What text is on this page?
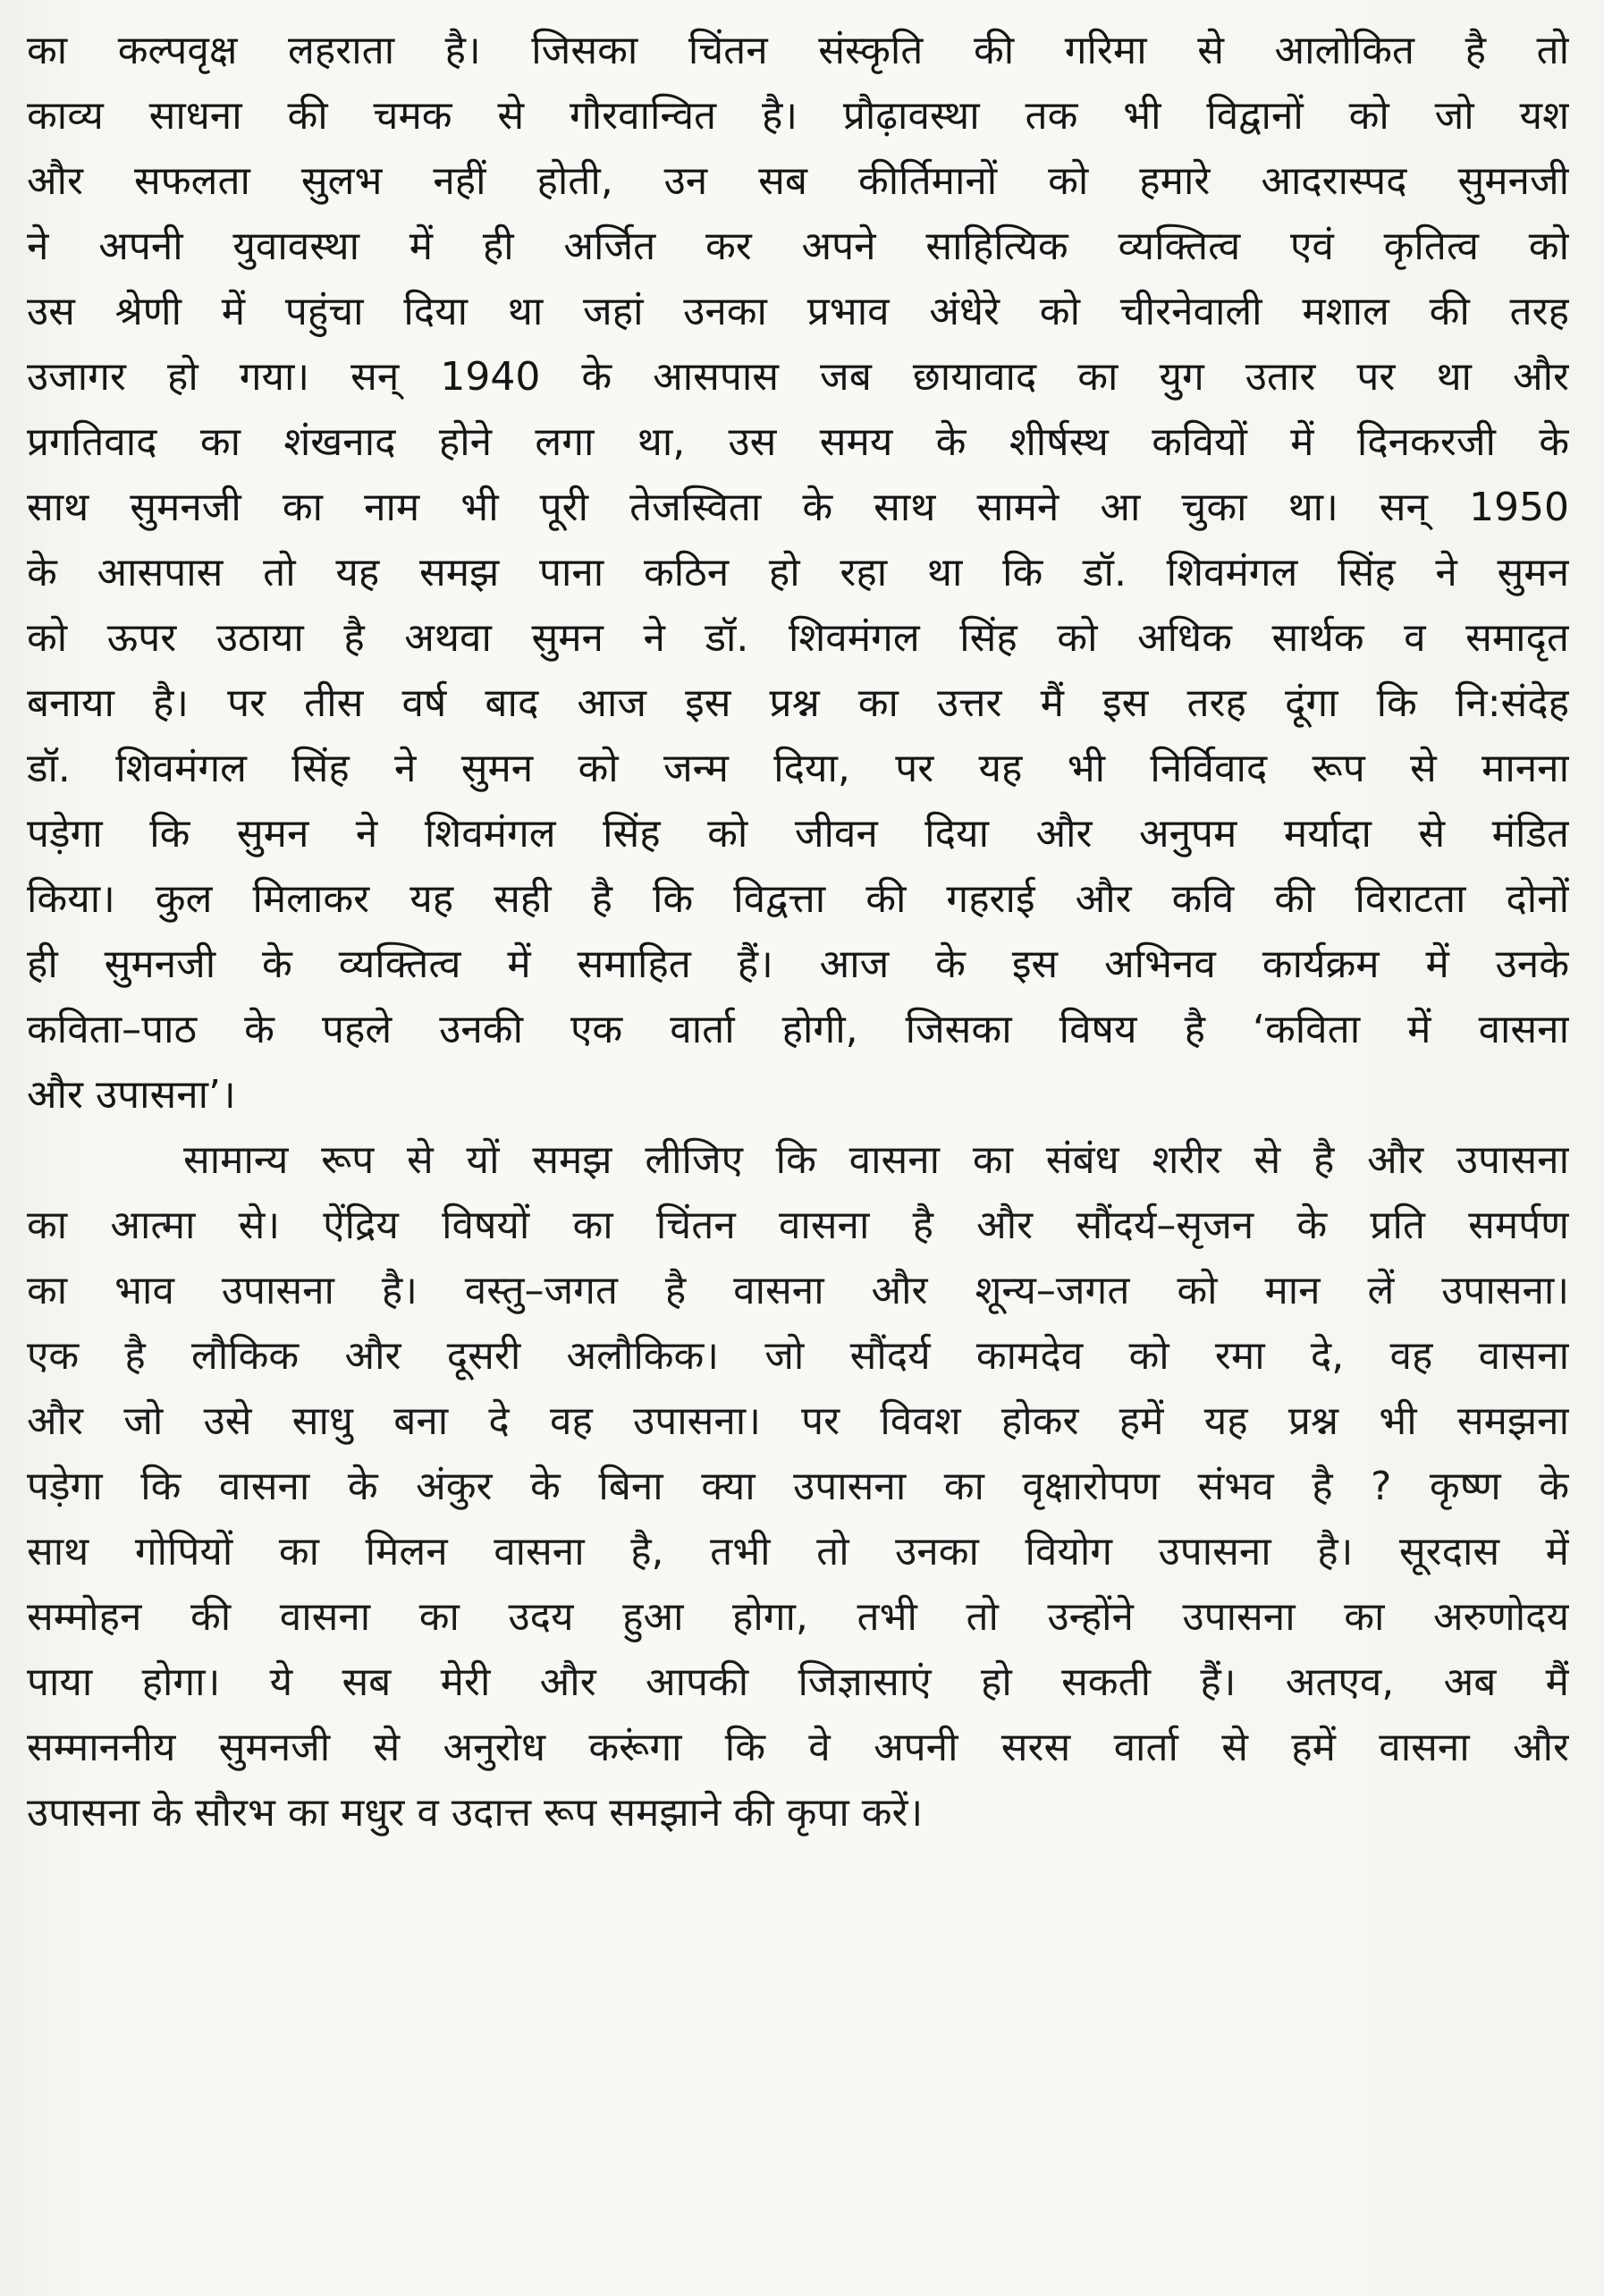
का कल्पवृक्ष लहराता है। जिसका चिंतन संस्कृति की गरिमा से आलोकित है तो
काव्य साधना की चमक से गौरवान्वित है। प्रौढ़ावस्था तक भी विद्वानों को जो यश
और सफलता सुलभ नहीं होती, उन सब कीर्तिमानों को हमारे आदरास्पद सुमनजी
ने अपनी युवावस्था में ही अर्जित कर अपने साहित्यिक व्यक्तित्व एवं कृतित्व को
उस श्रेणी में पहुंचा दिया था जहां उनका प्रभाव अंधेरे को चीरनेवाली मशाल की तरह
उजागर हो गया। सन् 1940 के आसपास जब छायावाद का युग उतार पर था और
प्रगतिवाद का शंखनाद होने लगा था, उस समय के शीर्षस्थ कवियों में दिनकरजी के
साथ सुमनजी का नाम भी पूरी तेजस्विता के साथ सामने आ चुका था। सन् 1950
के आसपास तो यह समझ पाना कठिन हो रहा था कि डॉ. शिवमंगल सिंह ने सुमन
को ऊपर उठाया है अथवा सुमन ने डॉ. शिवमंगल सिंह को अधिक सार्थक व समादृत
बनाया है। पर तीस वर्ष बाद आज इस प्रश्न का उत्तर मैं इस तरह दूंगा कि नि:संदेह
डॉ. शिवमंगल सिंह ने सुमन को जन्म दिया, पर यह भी निर्विवाद रूप से मानना
पड़ेगा कि सुमन ने शिवमंगल सिंह को जीवन दिया और अनुपम मर्यादा से मंडित
किया। कुल मिलाकर यह सही है कि विद्वत्ता की गहराई और कवि की विराटता दोनों
ही सुमनजी के व्यक्तित्व में समाहित हैं। आज के इस अभिनव कार्यक्रम में उनके
कविता–पाठ के पहले उनकी एक वार्ता होगी, जिसका विषय है ‘कविता में वासना
और उपासना’।
सामान्य रूप से यों समझ लीजिए कि वासना का संबंध शरीर से है और उपासना
का आत्मा से। ऐंद्रिय विषयों का चिंतन वासना है और सौंदर्य–सृजन के प्रति समर्पण
का भाव उपासना है। वस्तु–जगत है वासना और शून्य–जगत को मान लें उपासना।
एक है लौकिक और दूसरी अलौकिक। जो सौंदर्य कामदेव को रमा दे, वह वासना
और जो उसे साधु बना दे वह उपासना। पर विवश होकर हमें यह प्रश्न भी समझना
पड़ेगा कि वासना के अंकुर के बिना क्या उपासना का वृक्षारोपण संभव है ? कृष्ण के
साथ गोपियों का मिलन वासना है, तभी तो उनका वियोग उपासना है। सूरदास में
सम्मोहन की वासना का उदय हुआ होगा, तभी तो उन्होंने उपासना का अरुणोदय
पाया होगा। ये सब मेरी और आपकी जिज्ञासाएं हो सकती हैं। अतएव, अब मैं
सम्माननीय सुमनजी से अनुरोध करूंगा कि वे अपनी सरस वार्ता से हमें वासना और
उपासना के सौरभ का मधुर व उदात्त रूप समझाने की कृपा करें।
